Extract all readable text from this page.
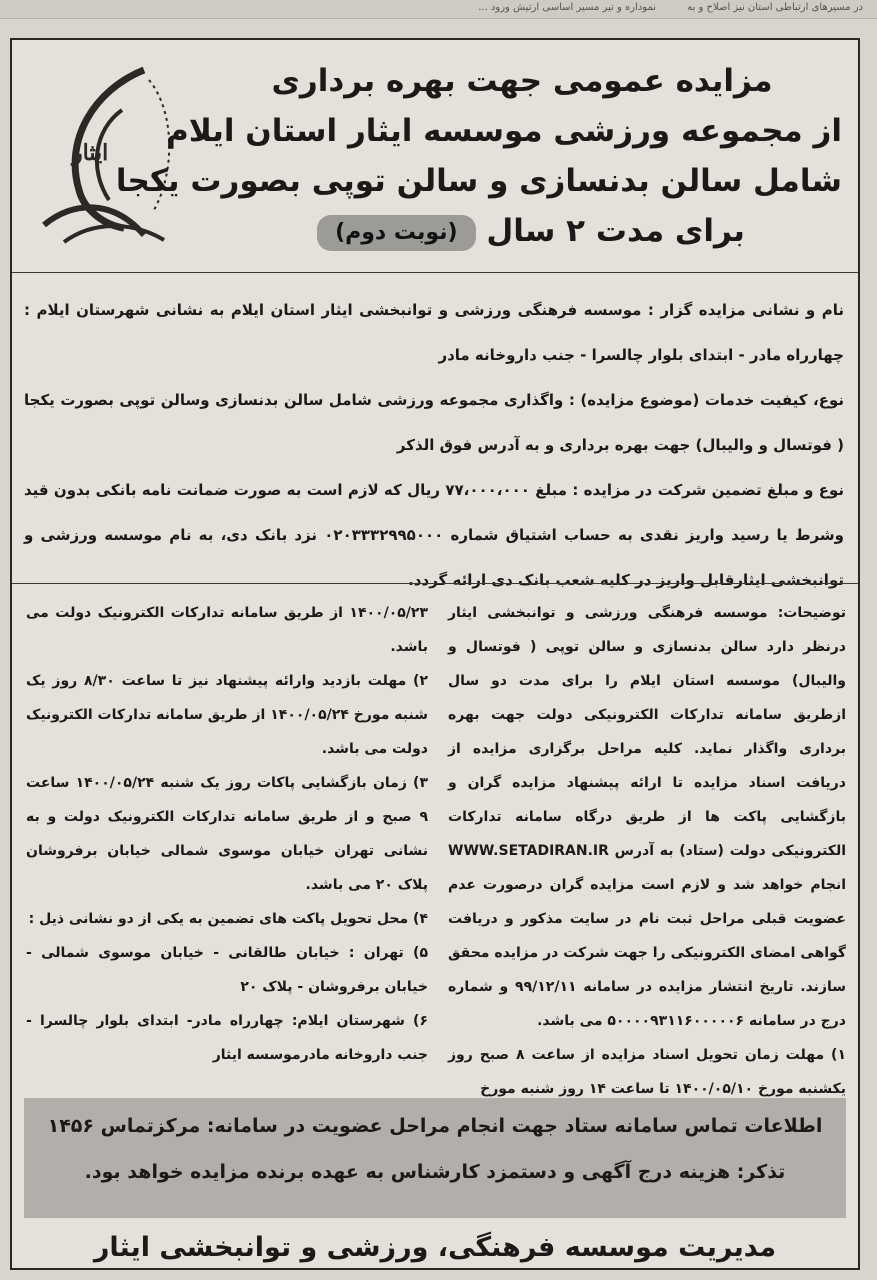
در مسیرهای ارتباطی استان نیز اصلاح و به نموداره و تیر مسیر اساسی ارتیش ورود ...
ایثار
مزایده عمومی جهت بهره برداری
از مجموعه ورزشی موسسه ایثار استان ایلام
شامل سالن بدنسازی و سالن توپی بصورت یکجا
برای مدت ۲ سال (نوبت دوم)

نام و نشانی مزایده گزار : موسسه فرهنگی ورزشی و توانبخشی ایثار استان ایلام به نشانی شهرستان ایلام : چهارراه مادر - ابتدای بلوار چالسرا - جنب داروخانه مادر

نوع، کیفیت خدمات (موضوع مزایده) : واگذاری مجموعه ورزشی شامل سالن بدنسازی وسالن توپی بصورت یکجا ( فوتسال و والیبال) جهت بهره برداری و به آدرس فوق الذکر

نوع و مبلغ تضمین شرکت در مزایده : مبلغ ۷۷،۰۰۰،۰۰۰ ریال که لازم است به صورت ضمانت نامه بانکی بدون قید وشرط یا رسید واریز نقدی به حساب اشتیاق شماره ۰۲۰۳۳۳۲۹۹۵۰۰۰ نزد بانک دی، به نام موسسه ورزشی و توانبخشی ایثارقابل واریز در کلیه شعب بانک دی ارائه گردد.

توضیحات: موسسه فرهنگی ورزشی و توانبخشی ایثار درنظر دارد سالن بدنسازی و سالن توپی ( فوتسال و والیبال) موسسه استان ایلام را برای مدت دو سال ازطریق سامانه تدارکات الکترونیکی دولت جهت بهره برداری واگذار نماید. کلیه مراحل برگزاری مزایده از دریافت اسناد مزایده تا ارائه پیشنهاد مزایده گران و بازگشایی پاکت ها از طریق درگاه سامانه تدارکات الکترونیکی دولت (ستاد) به آدرس WWW.SETADIRAN.IR انجام خواهد شد و لازم است مزایده گران درصورت عدم عضویت قبلی مراحل ثبت نام در سایت مذکور و دریافت گواهی امضای الکترونیکی را جهت شرکت در مزایده محقق سازند. تاریخ انتشار مزایده در سامانه ۹۹/۱۲/۱۱ و شماره درج در سامانه ۵۰۰۰۰۹۳۱۱۶۰۰۰۰۰۶ می باشد.

۱) مهلت زمان تحویل اسناد مزایده از ساعت ۸ صبح روز یکشنبه مورخ ۱۴۰۰/۰۵/۱۰ تا ساعت ۱۴ روز شنبه مورخ

۱۴۰۰/۰۵/۲۳ از طریق سامانه تدارکات الکترونیک دولت می باشد.

۲) مهلت بازدید وارائه پیشنهاد نیز تا ساعت ۸/۳۰ روز یک شنبه مورخ ۱۴۰۰/۰۵/۲۴ از طریق سامانه تدارکات الکترونیک دولت می باشد.

۳) زمان بازگشایی پاکات روز یک شنبه ۱۴۰۰/۰۵/۲۴ ساعت ۹ صبح و از طریق سامانه تدارکات الکترونیک دولت و به نشانی تهران خیابان موسوی شمالی خیابان برفروشان پلاک ۲۰ می باشد.

۴) محل تحویل پاکت های تضمین به یکی از دو نشانی ذیل :

۵) تهران : خیابان طالقانی - خیابان موسوی شمالی - خیابان برفروشان - پلاک ۲۰

۶) شهرستان ایلام: چهارراه مادر- ابتدای بلوار چالسرا - جنب داروخانه مادرموسسه ایثار

اطلاعات تماس سامانه ستاد جهت انجام مراحل عضویت در سامانه: مرکزتماس ۱۴۵۶

تذکر: هزینه درج آگهی و دستمزد کارشناس به عهده برنده مزایده خواهد بود.

مدیریت موسسه فرهنگی، ورزشی و توانبخشی ایثار
